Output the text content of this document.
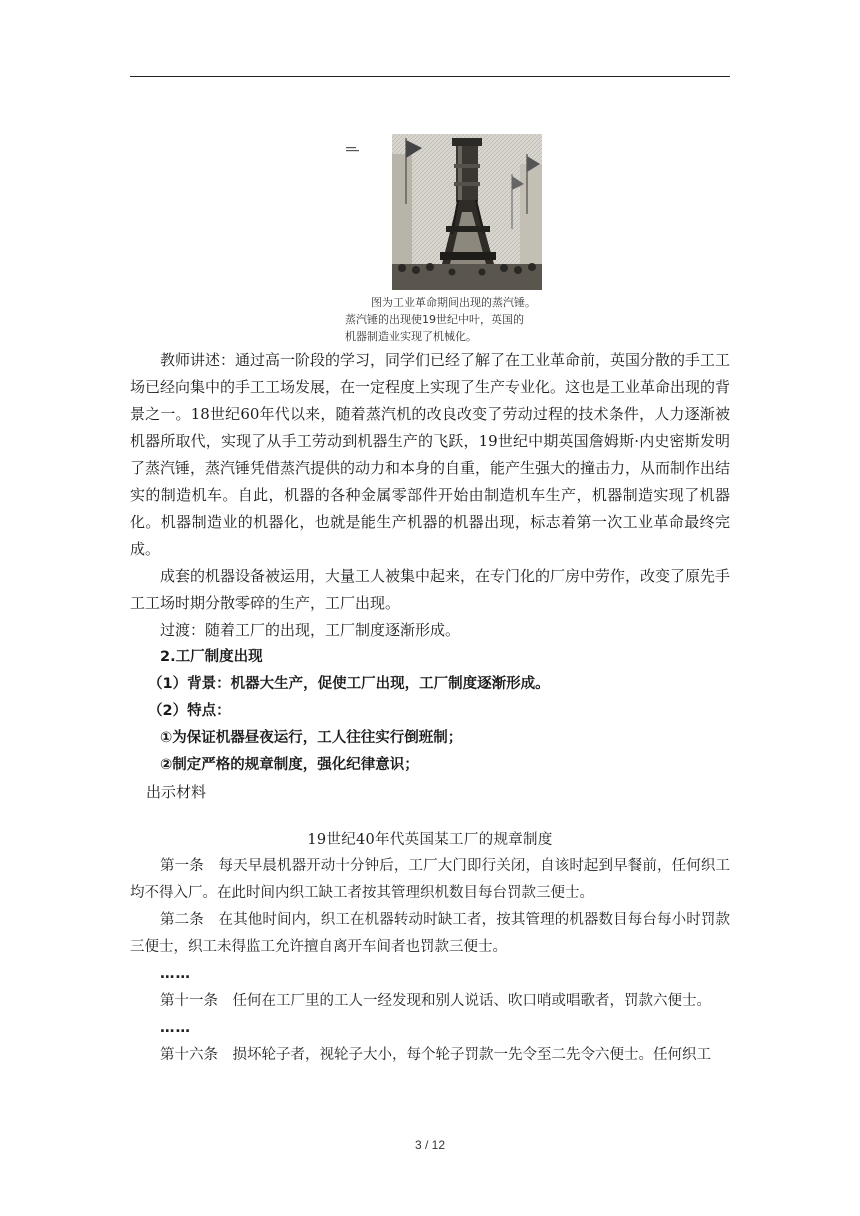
图为工业革命期间出现的蒸汽锤。
蒸汽锤的出现使19世纪中叶，英国的
机器制造业实现了机械化。

教师讲述：通过高一阶段的学习，同学们已经了解了在工业革命前，英国分散的手工工场已经向集中的手工工场发展，在一定程度上实现了生产专业化。这也是工业革命出现的背景之一。18世纪60年代以来，随着蒸汽机的改良改变了劳动过程的技术条件，人力逐渐被机器所取代，实现了从手工劳动到机器生产的飞跃，19世纪中期英国詹姆斯·内史密斯发明了蒸汽锤，蒸汽锤凭借蒸汽提供的动力和本身的自重，能产生强大的撞击力，从而制作出结实的制造机车。自此，机器的各种金属零部件开始由制造机车生产，机器制造实现了机器化。机器制造业的机器化，也就是能生产机器的机器出现，标志着第一次工业革命最终完成。

成套的机器设备被运用，大量工人被集中起来，在专门化的厂房中劳作，改变了原先手工工场时期分散零碎的生产，工厂出现。

过渡：随着工厂的出现，工厂制度逐渐形成。

2.工厂制度出现

（1）背景：机器大生产，促使工厂出现，工厂制度逐渐形成。

（2）特点：

①为保证机器昼夜运行，工人往往实行倒班制；

②制定严格的规章制度，强化纪律意识；

出示材料

19世纪40年代英国某工厂的规章制度

第一条　每天早晨机器开动十分钟后，工厂大门即行关闭，自该时起到早餐前，任何织工均不得入厂。在此时间内织工缺工者按其管理织机数目每台罚款三便士。

第二条　在其他时间内，织工在机器转动时缺工者，按其管理的机器数目每台每小时罚款三便士，织工未得监工允许擅自离开车间者也罚款三便士。

……

第十一条　任何在工厂里的工人一经发现和别人说话、吹口哨或唱歌者，罚款六便士。

……

第十六条　损坏轮子者，视轮子大小，每个轮子罚款一先令至二先令六便士。任何织工

3 / 12
